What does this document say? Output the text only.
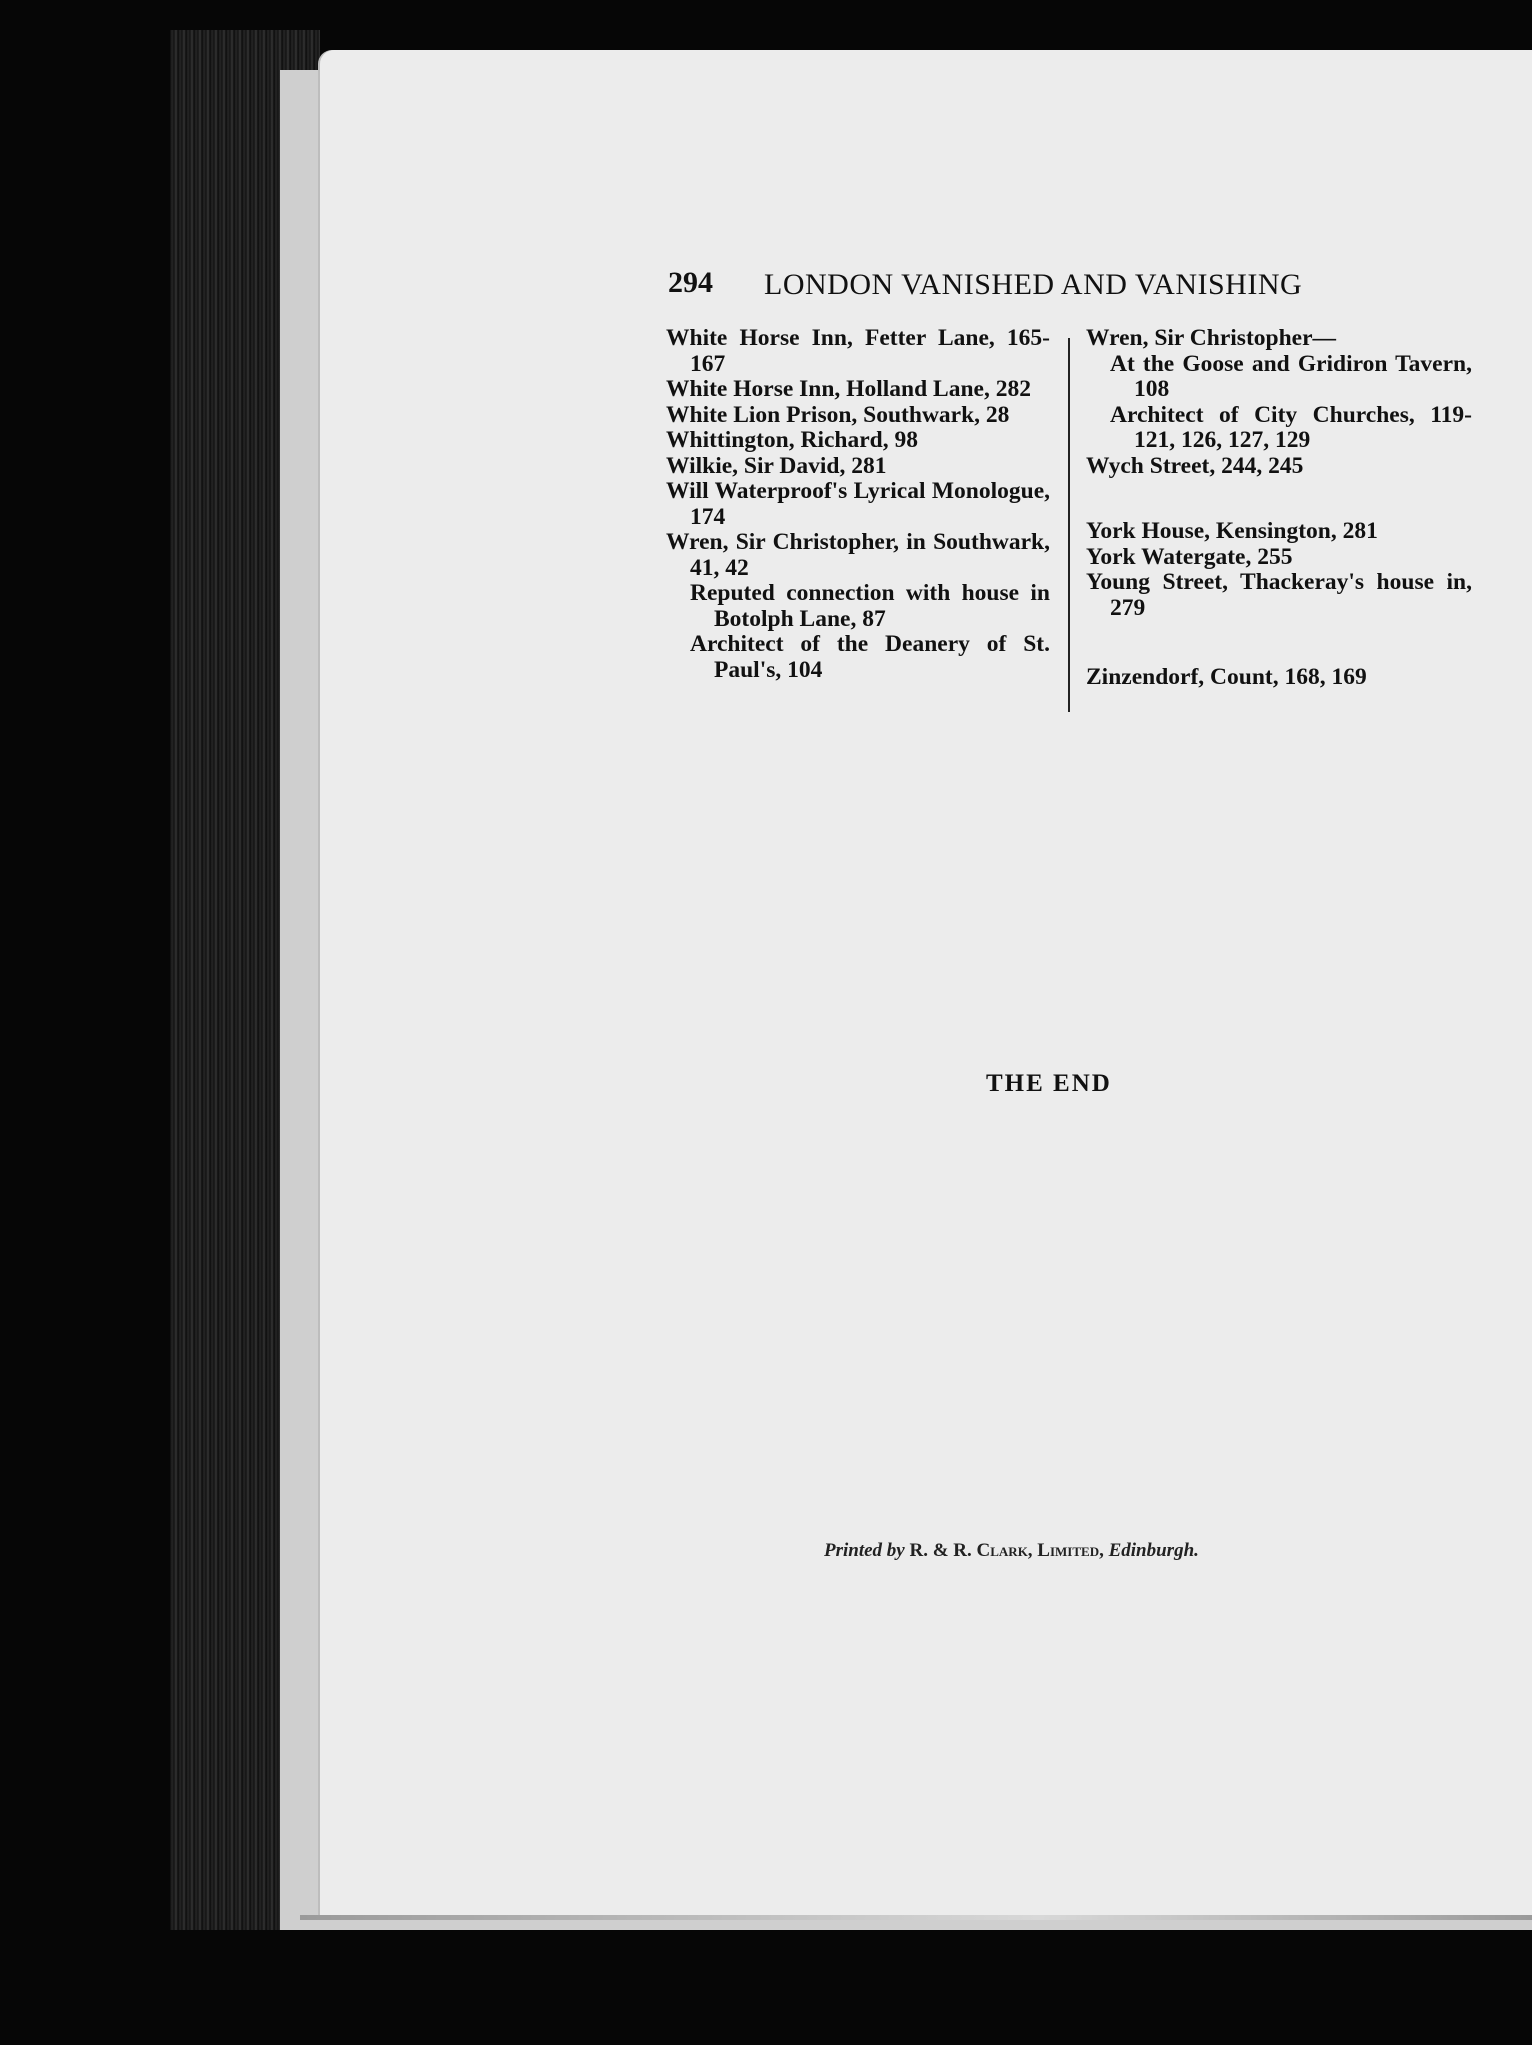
294 LONDON VANISHED AND VANISHING
White Horse Inn, Fetter Lane, 165-167
White Horse Inn, Holland Lane, 282
White Lion Prison, Southwark, 28
Whittington, Richard, 98
Wilkie, Sir David, 281
Will Waterproof's Lyrical Monologue, 174
Wren, Sir Christopher, in Southwark, 41, 42
Reputed connection with house in Botolph Lane, 87
Architect of the Deanery of St. Paul's, 104
Wren, Sir Christopher—
At the Goose and Gridiron Tavern, 108
Architect of City Churches, 119-121, 126, 127, 129
Wych Street, 244, 245
York House, Kensington, 281
York Watergate, 255
Young Street, Thackeray's house in, 279
Zinzendorf, Count, 168, 169
THE END
Printed by R. & R. Clark, Limited, Edinburgh.
